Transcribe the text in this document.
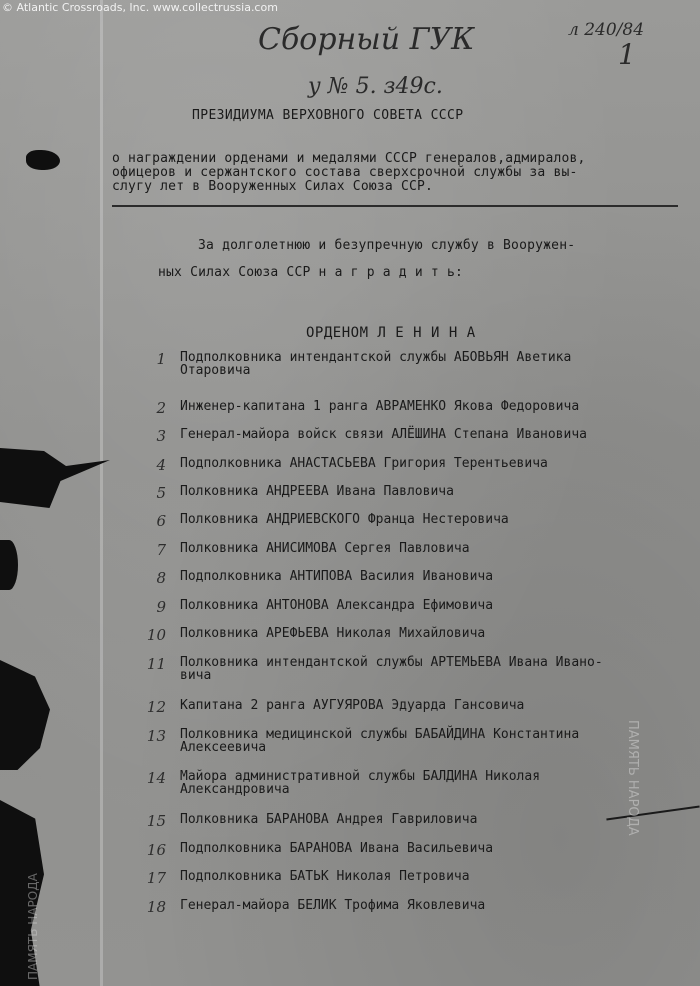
© Atlantic Crossroads, Inc. www.collectrussia.com
Сборный ГУК	л 240/84
1
у № 5. з49с.
ПРЕЗИДИУМА ВЕРХОВНОГО СОВЕТА СССР
о награждении орденами и медалями СССР генералов,адмиралов,
офицеров и сержантского состава сверхсрочной службы за вы-
слугу лет в Вооруженных Силах Союза ССР.
За долголетнюю и безупречную службу в Вооружен-
ных Силах Союза ССР н а г р а д и т ь:
ОРДЕНОМ Л Е Н И Н А
1 Подполковника интендантской службы АБОВЬЯН Аветика
Отаровича
2 Инженер-капитана 1 ранга АВРАМЕНКО Якова Федоровича
3 Генерал-майора войск связи АЛЁШИНА Степана Ивановича
4 Подполковника АНАСТАСЬЕВА Григория Терентьевича
5 Полковника АНДРЕЕВА Ивана Павловича
6 Полковника АНДРИЕВСКОГО Франца Нестеровича
7 Полковника АНИСИМОВА Сергея Павловича
8 Подполковника АНТИПОВА Василия Ивановича
9 Полковника АНТОНОВА Александра Ефимовича
10 Полковника АРЕФЬЕВА Николая Михайловича
11 Полковника интендантской службы АРТЕМЬЕВА Ивана Ивано-
вича
12 Капитана 2 ранга АУГУЯРОВА Эдуарда Гансовича
13 Полковника медицинской службы БАБАЙДИНА Константина
Алексеевича
14 Майора административной службы БАЛДИНА Николая
Александровича
15 Полковника БАРАНОВА Андрея Гавриловича
16 Подполковника БАРАНОВА Ивана Васильевича
17 Подполковника БАТЬК Николая Петровича
18 Генерал-майора БЕЛИК Трофима Яковлевича
ПАМЯТЬ НАРОДА
ПАМЯТЬ НАРОДА
